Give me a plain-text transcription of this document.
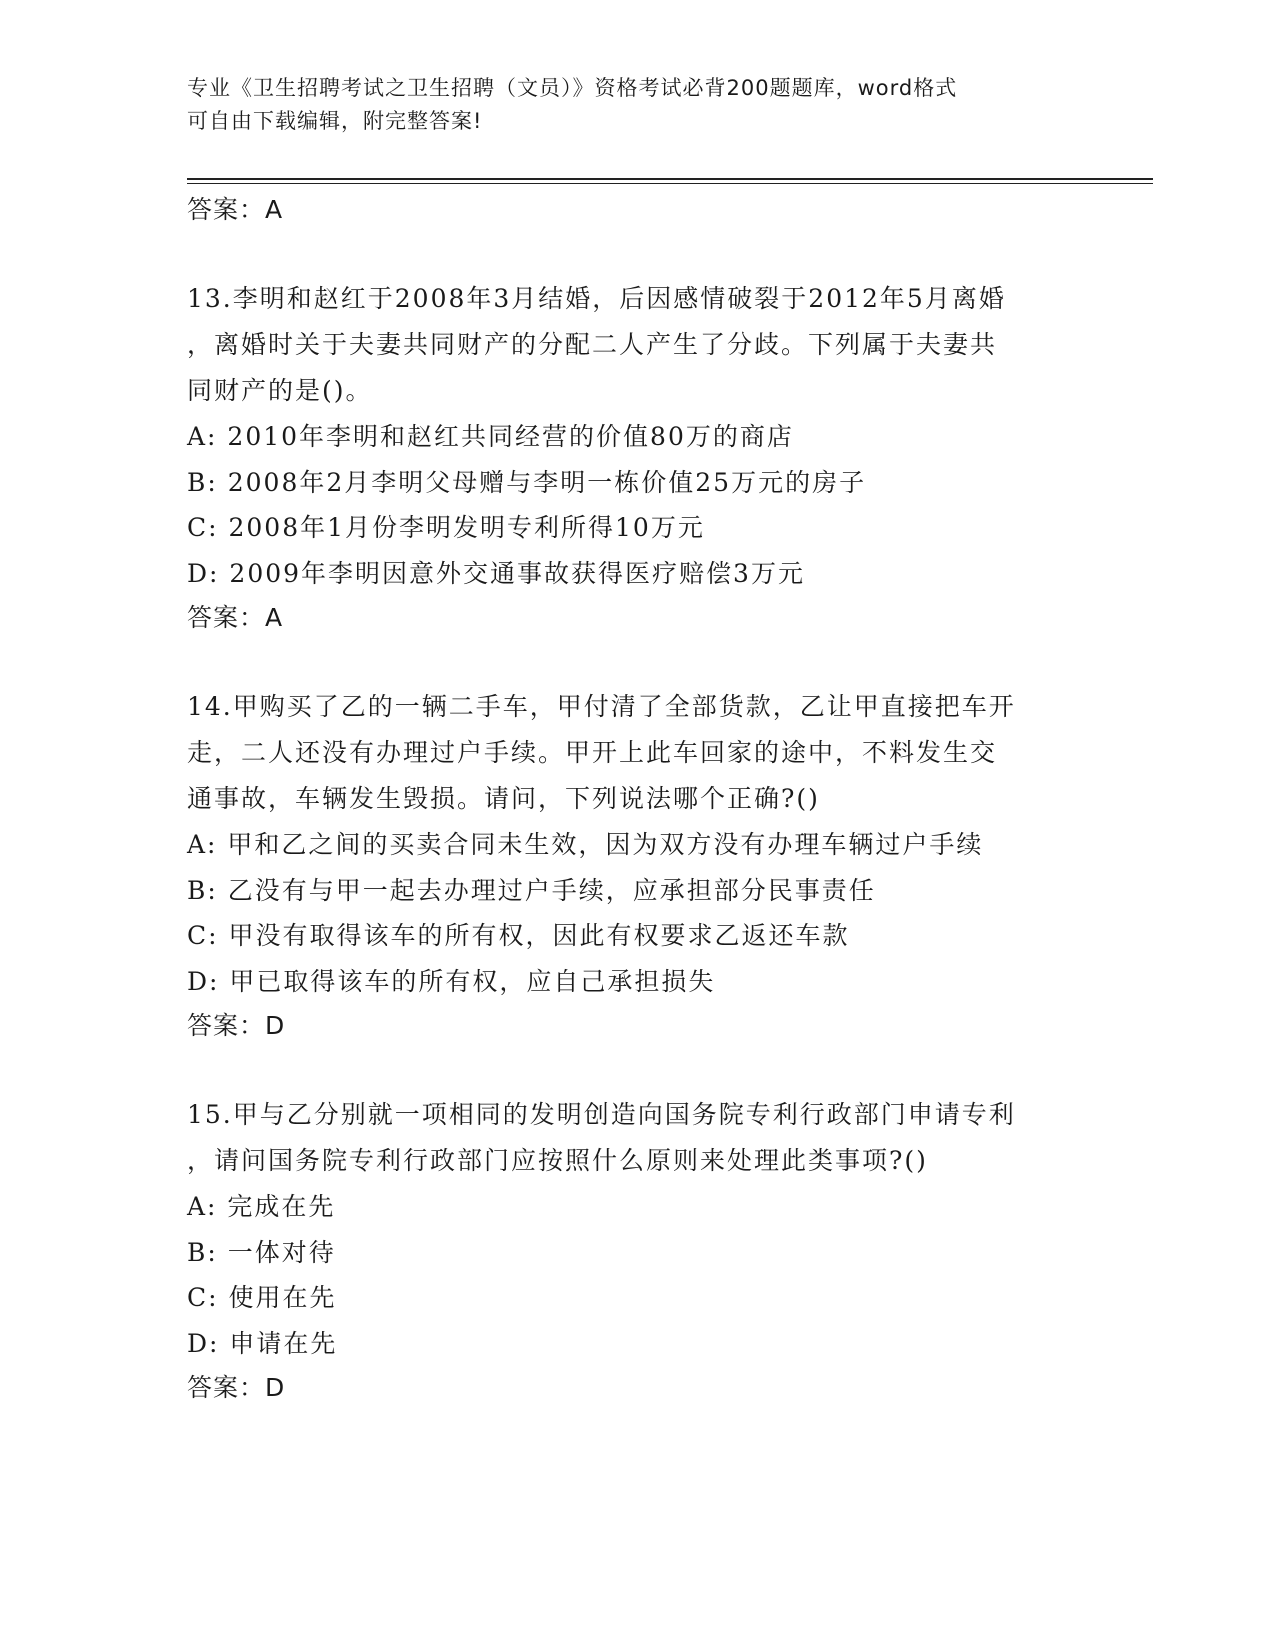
专业《卫生招聘考试之卫生招聘（文员）》资格考试必背200题题库，word格式
可自由下载编辑，附完整答案!
答案：A
13.李明和赵红于2008年3月结婚，后因感情破裂于2012年5月离婚
，离婚时关于夫妻共同财产的分配二人产生了分歧。下列属于夫妻共
同财产的是()。
A: 2010年李明和赵红共同经营的价值80万的商店
B: 2008年2月李明父母赠与李明一栋价值25万元的房子
C: 2008年1月份李明发明专利所得10万元
D: 2009年李明因意外交通事故获得医疗赔偿3万元
答案：A
14.甲购买了乙的一辆二手车，甲付清了全部货款，乙让甲直接把车开
走，二人还没有办理过户手续。甲开上此车回家的途中，不料发生交
通事故，车辆发生毁损。请问，下列说法哪个正确?()
A: 甲和乙之间的买卖合同未生效，因为双方没有办理车辆过户手续
B: 乙没有与甲一起去办理过户手续，应承担部分民事责任
C: 甲没有取得该车的所有权，因此有权要求乙返还车款
D: 甲已取得该车的所有权，应自己承担损失
答案：D
15.甲与乙分别就一项相同的发明创造向国务院专利行政部门申请专利
，请问国务院专利行政部门应按照什么原则来处理此类事项?()
A: 完成在先
B: 一体对待
C: 使用在先
D: 申请在先
答案：D
